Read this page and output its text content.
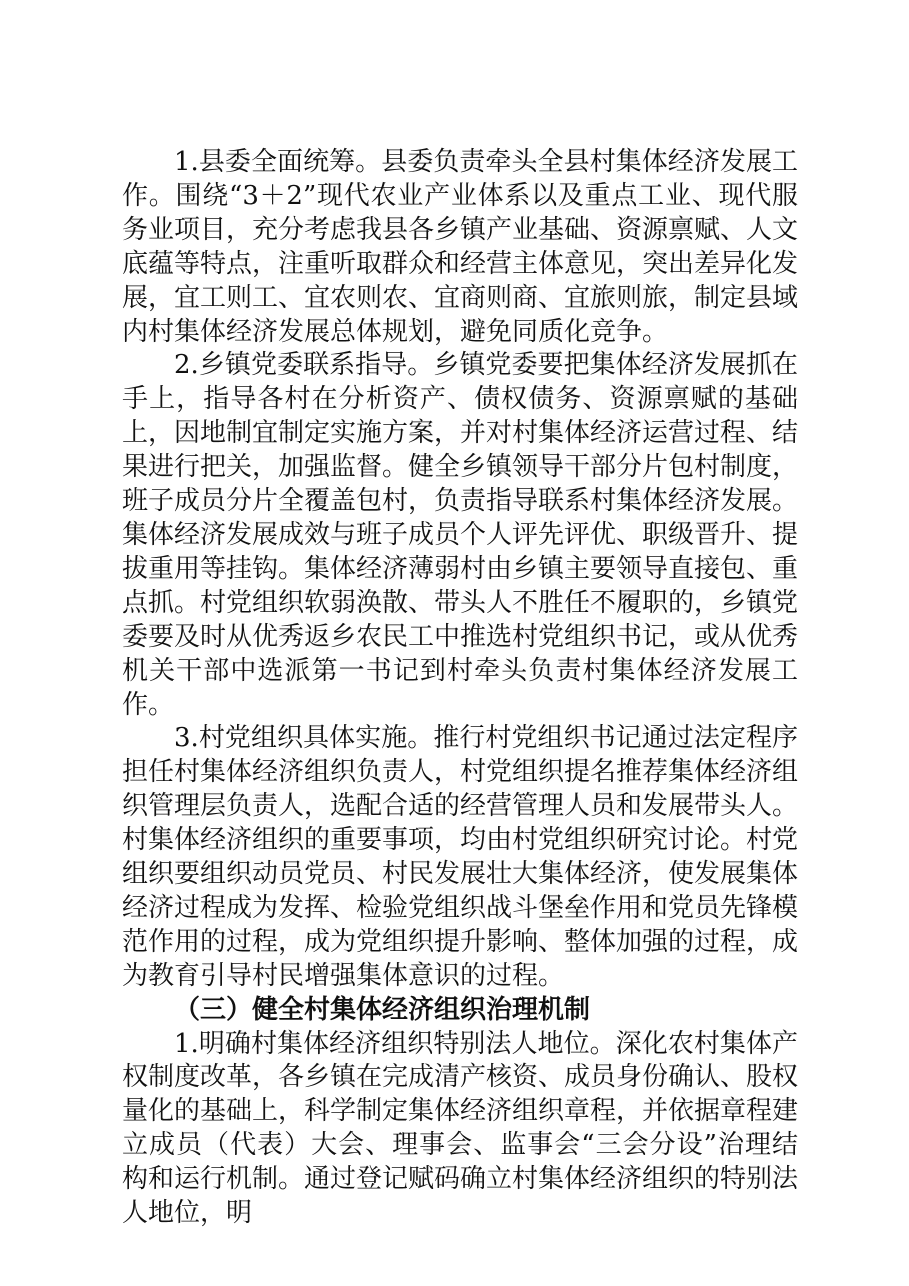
1.县委全面统筹。县委负责牵头全县村集体经济发展工作。围绕“3＋2”现代农业产业体系以及重点工业、现代服务业项目，充分考虑我县各乡镇产业基础、资源禀赋、人文底蕴等特点，注重听取群众和经营主体意见，突出差异化发展，宜工则工、宜农则农、宜商则商、宜旅则旅，制定县域内村集体经济发展总体规划，避免同质化竞争。

2.乡镇党委联系指导。乡镇党委要把集体经济发展抓在手上，指导各村在分析资产、债权债务、资源禀赋的基础上，因地制宜制定实施方案，并对村集体经济运营过程、结果进行把关，加强监督。健全乡镇领导干部分片包村制度，班子成员分片全覆盖包村，负责指导联系村集体经济发展。集体经济发展成效与班子成员个人评先评优、职级晋升、提拔重用等挂钩。集体经济薄弱村由乡镇主要领导直接包、重点抓。村党组织软弱涣散、带头人不胜任不履职的，乡镇党委要及时从优秀返乡农民工中推选村党组织书记，或从优秀机关干部中选派第一书记到村牵头负责村集体经济发展工作。

3.村党组织具体实施。推行村党组织书记通过法定程序担任村集体经济组织负责人，村党组织提名推荐集体经济组织管理层负责人，选配合适的经营管理人员和发展带头人。村集体经济组织的重要事项，均由村党组织研究讨论。村党组织要组织动员党员、村民发展壮大集体经济，使发展集体经济过程成为发挥、检验党组织战斗堡垒作用和党员先锋模范作用的过程，成为党组织提升影响、整体加强的过程，成为教育引导村民增强集体意识的过程。

（三）健全村集体经济组织治理机制

1.明确村集体经济组织特别法人地位。深化农村集体产权制度改革，各乡镇在完成清产核资、成员身份确认、股权量化的基础上，科学制定集体经济组织章程，并依据章程建立成员（代表）大会、理事会、监事会“三会分设”治理结构和运行机制。通过登记赋码确立村集体经济组织的特别法人地位，明
